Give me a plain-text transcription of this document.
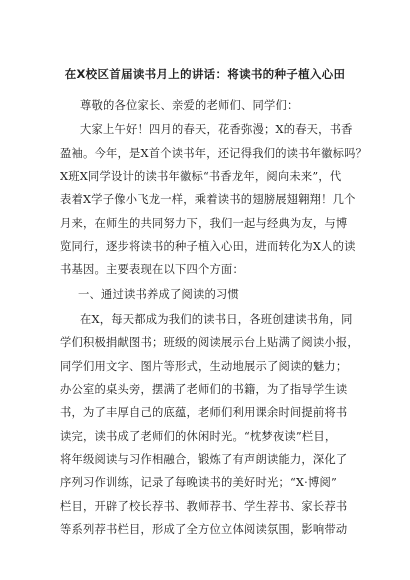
在X校区首届读书月上的讲话：将读书的种子植入心田
尊敬的各位家长、亲爱的老师们、同学们：
大家上午好！四月的春天，花香弥漫；X的春天，书香
盈袖。今年，是X首个读书年，还记得我们的读书年徽标吗？
X班X同学设计的读书年徽标“书香龙年，阅向未来”，代
表着X学子像小飞龙一样，乘着读书的翅膀展翅翱翔！几个
月来，在师生的共同努力下，我们一起与经典为友，与博
览同行，逐步将读书的种子植入心田，进而转化为X人的读
书基因。主要表现在以下四个方面：
一、通过读书养成了阅读的习惯
在X，每天都成为我们的读书日，各班创建读书角，同
学们积极捐献图书；班级的阅读展示台上贴满了阅读小报，
同学们用文字、图片等形式，生动地展示了阅读的魅力；
办公室的桌头旁，摆满了老师们的书籍，为了指导学生读
书，为了丰厚自己的底蕴，老师们利用课余时间提前将书
读完，读书成了老师们的休闲时光。“枕梦夜读”栏目，
将年级阅读与习作相融合，锻炼了有声朗读能力，深化了
序列习作训练，记录了每晚读书的美好时光；“X·博阅”
栏目，开辟了校长荐书、教师荐书、学生荐书、家长荐书
等系列荐书栏目，形成了全方位立体阅读氛围，影响带动
